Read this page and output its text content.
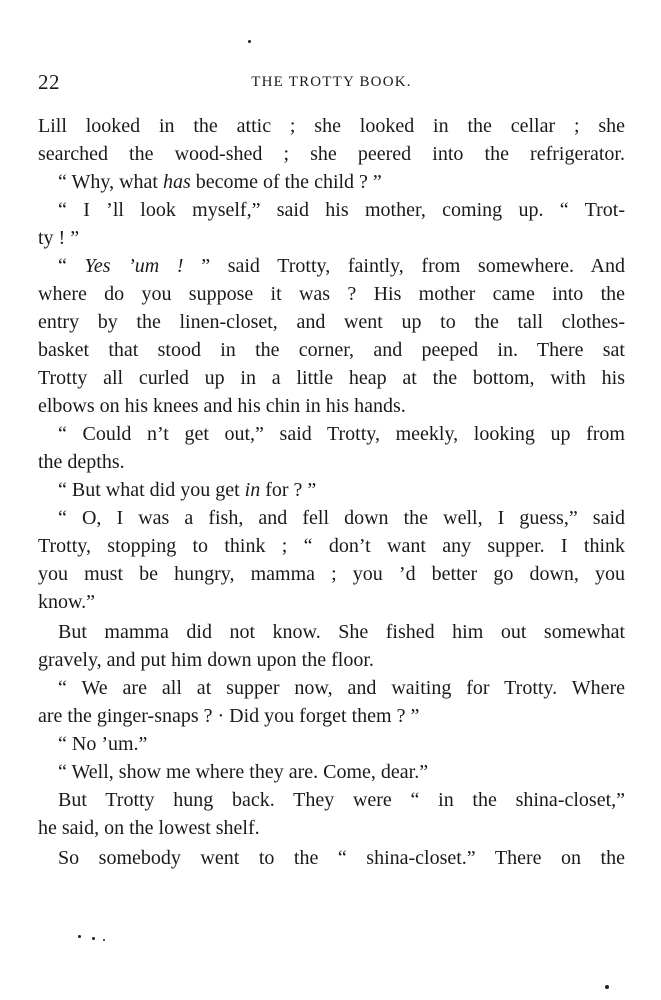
22	THE TROTTY BOOK.
Lill looked in the attic ; she looked in the cellar ; she
searched the wood-shed ; she peered into the refrigerator.
“ Why, what has become of the child ? ”
“ I ’ll look myself,” said his mother, coming up. “ Trot-
ty ! ”
“ Yes ’um ! ” said Trotty, faintly, from somewhere. And
where do you suppose it was ? His mother came into the
entry by the linen-closet, and went up to the tall clothes-
basket that stood in the corner, and peeped in. There sat
Trotty all curled up in a little heap at the bottom, with his
elbows on his knees and his chin in his hands.
“ Could n’t get out,” said Trotty, meekly, looking up from
the depths.
“ But what did you get in for ? ”
“ O, I was a fish, and fell down the well, I guess,” said
Trotty, stopping to think ; “ don’t want any supper. I think
you must be hungry, mamma ; you ’d better go down, you
know.”
But mamma did not know. She fished him out somewhat
gravely, and put him down upon the floor.
“ We are all at supper now, and waiting for Trotty. Where
are the ginger-snaps ? · Did you forget them ? ”
“ No ’um.”
“ Well, show me where they are. Come, dear.”
But Trotty hung back. They were “ in the shina-closet,”
he said, on the lowest shelf.
So somebody went to the “ shina-closet.” There on the
